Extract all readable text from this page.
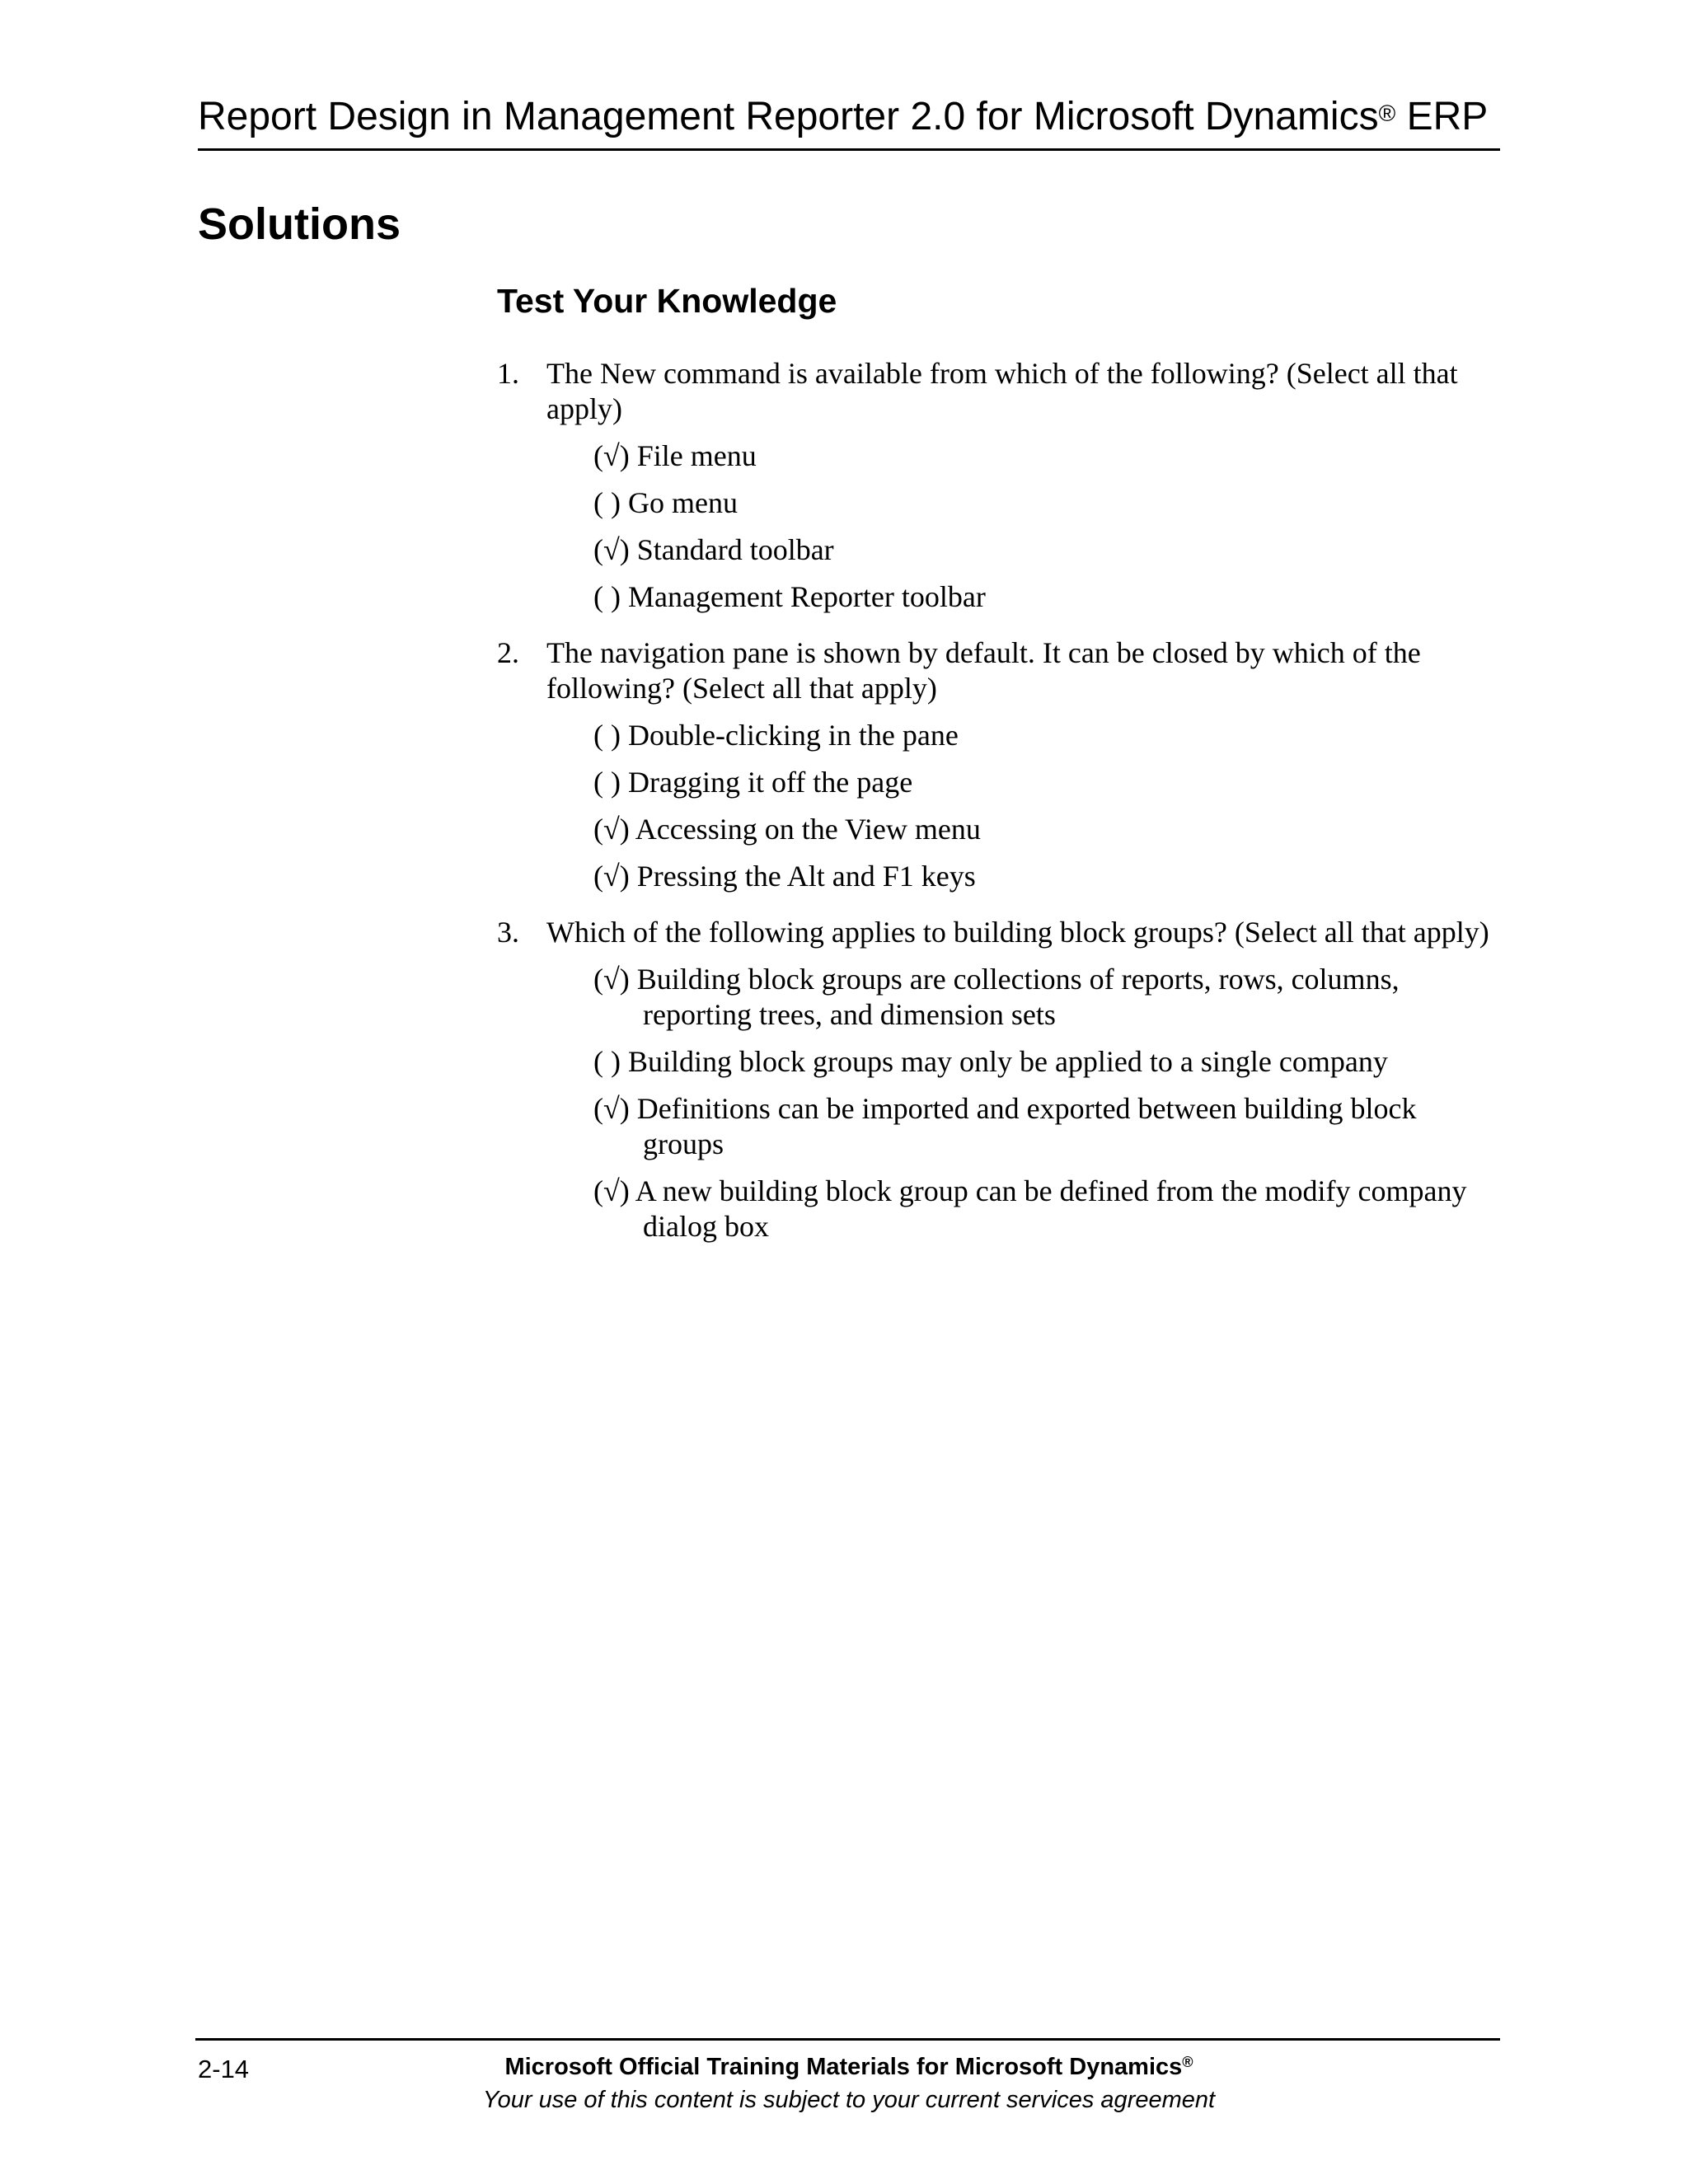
Report Design in Management Reporter 2.0 for Microsoft Dynamics® ERP
Solutions
Test Your Knowledge
1. The New command is available from which of the following? (Select all that apply)
(√) File menu
( ) Go menu
(√) Standard toolbar
( ) Management Reporter toolbar
2. The navigation pane is shown by default. It can be closed by which of the following? (Select all that apply)
( ) Double-clicking in the pane
( ) Dragging it off the page
(√) Accessing on the View menu
(√) Pressing the Alt and F1 keys
3. Which of the following applies to building block groups? (Select all that apply)
(√) Building block groups are collections of reports, rows, columns, reporting trees, and dimension sets
( ) Building block groups may only be applied to a single company
(√) Definitions can be imported and exported between building block groups
(√) A new building block group can be defined from the modify company dialog box
2-14	Microsoft Official Training Materials for Microsoft Dynamics®
Your use of this content is subject to your current services agreement
